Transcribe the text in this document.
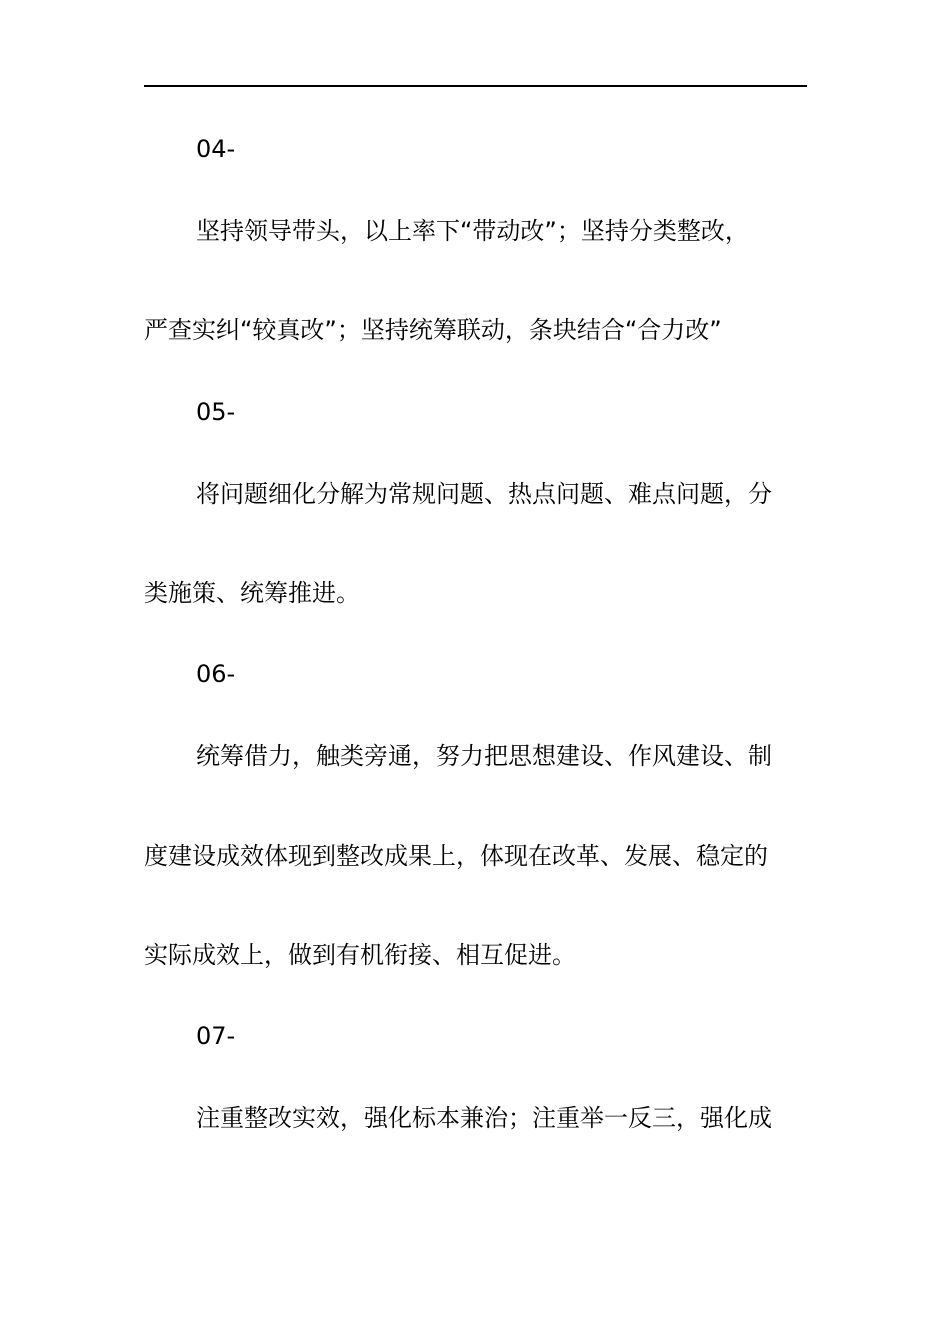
04-
坚持领导带头，以上率下“带动改”；坚持分类整改，
严查实纠“较真改”；坚持统筹联动，条块结合“合力改”
05-
将问题细化分解为常规问题、热点问题、难点问题，分
类施策、统筹推进。
06-
统筹借力，触类旁通，努力把思想建设、作风建设、制
度建设成效体现到整改成果上，体现在改革、发展、稳定的
实际成效上，做到有机衔接、相互促进。
07-
注重整改实效，强化标本兼治；注重举一反三，强化成
